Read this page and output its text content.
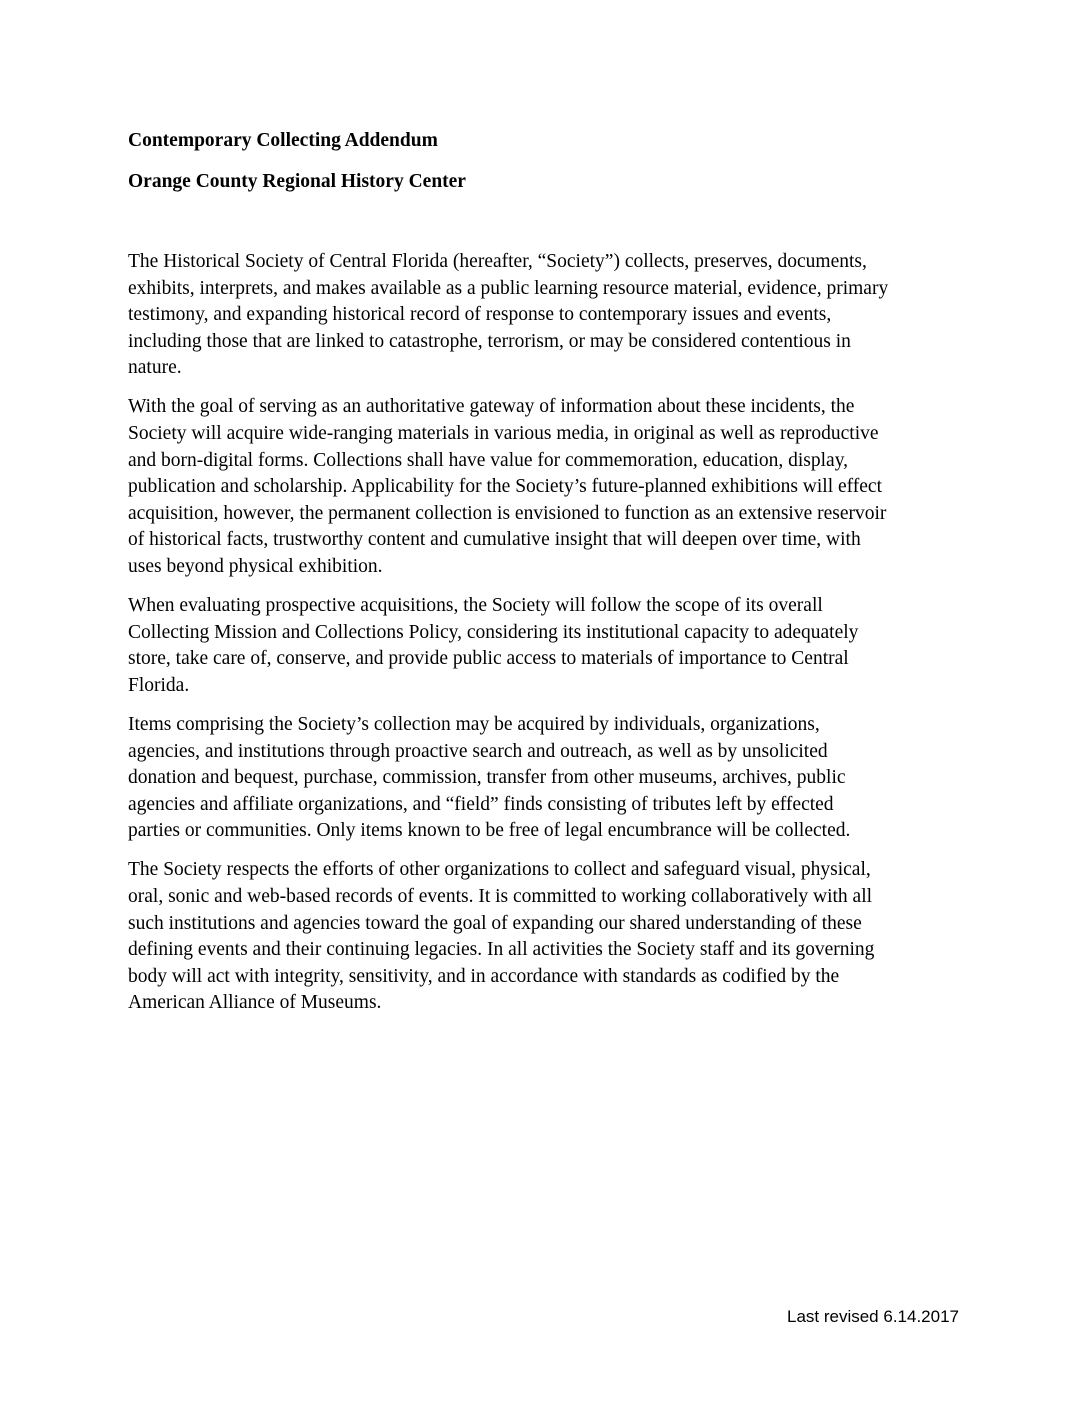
Contemporary Collecting Addendum
Orange County Regional History Center

The Historical Society of Central Florida (hereafter, “Society”) collects, preserves, documents,
exhibits, interprets, and makes available as a public learning resource material, evidence, primary
testimony, and expanding historical record of response to contemporary issues and events,
including those that are linked to catastrophe, terrorism, or may be considered contentious in
nature.

With the goal of serving as an authoritative gateway of information about these incidents, the
Society will acquire wide-ranging materials in various media, in original as well as reproductive
and born-digital forms. Collections shall have value for commemoration, education, display,
publication and scholarship. Applicability for the Society’s future-planned exhibitions will effect
acquisition, however, the permanent collection is envisioned to function as an extensive reservoir
of historical facts, trustworthy content and cumulative insight that will deepen over time, with
uses beyond physical exhibition.

When evaluating prospective acquisitions, the Society will follow the scope of its overall
Collecting Mission and Collections Policy, considering its institutional capacity to adequately
store, take care of, conserve, and provide public access to materials of importance to Central
Florida.

Items comprising the Society’s collection may be acquired by individuals, organizations,
agencies, and institutions through proactive search and outreach, as well as by unsolicited
donation and bequest, purchase, commission, transfer from other museums, archives, public
agencies and affiliate organizations, and “field” finds consisting of tributes left by effected
parties or communities. Only items known to be free of legal encumbrance will be collected.

The Society respects the efforts of other organizations to collect and safeguard visual, physical,
oral, sonic and web-based records of events. It is committed to working collaboratively with all
such institutions and agencies toward the goal of expanding our shared understanding of these
defining events and their continuing legacies. In all activities the Society staff and its governing
body will act with integrity, sensitivity, and in accordance with standards as codified by the
American Alliance of Museums.

Last revised 6.14.2017
